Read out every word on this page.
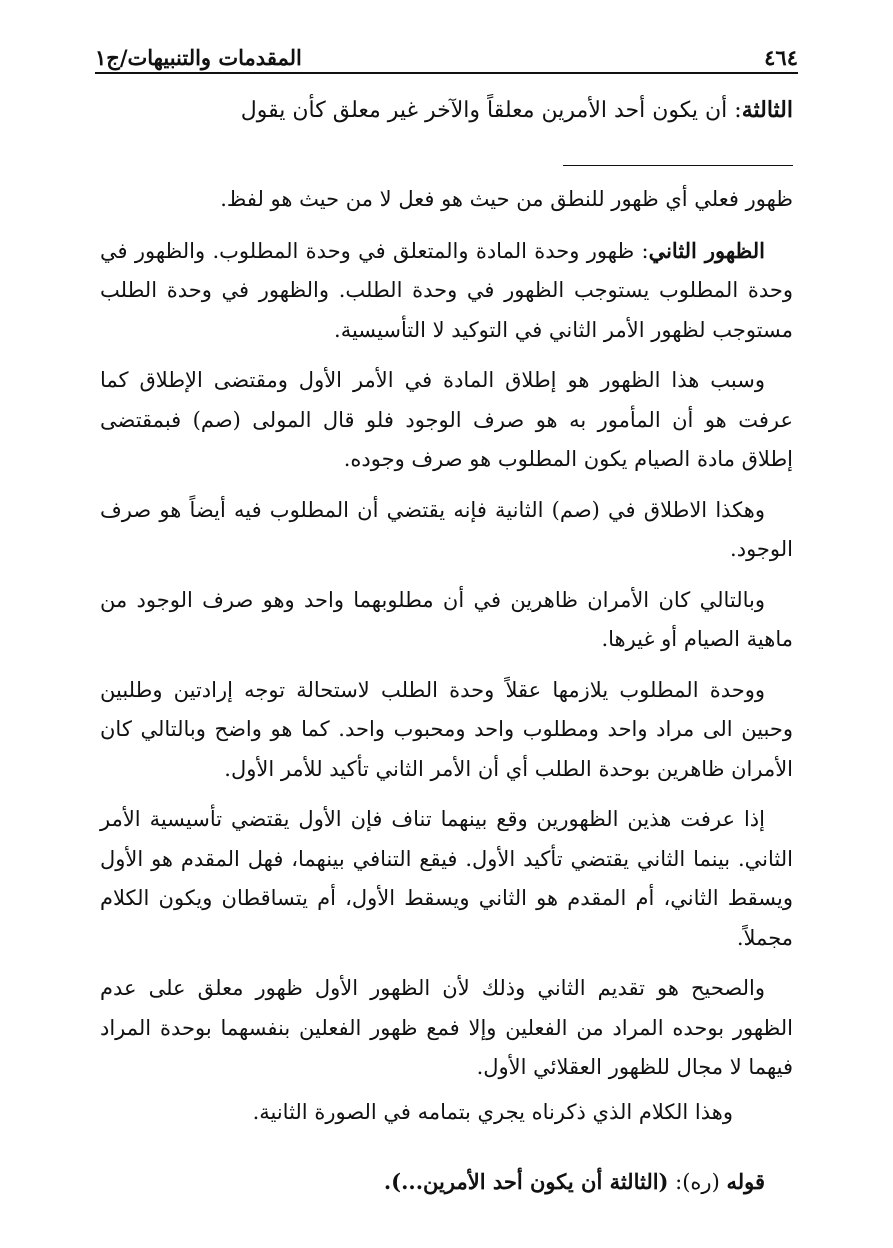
٤٦٤
المقدمات والتنبيهات/ج١
الثالثة: أن يكون أحد الأمرين معلقاً والآخر غير معلق كأن يقول

ظهور فعلي أي ظهور للنطق من حيث هو فعل لا من حيث هو لفظ.

الظهور الثاني: ظهور وحدة المادة والمتعلق في وحدة المطلوب. والظهور في وحدة المطلوب يستوجب الظهور في وحدة الطلب. والظهور في وحدة الطلب مستوجب لظهور الأمر الثاني في التوكيد لا التأسيسية.

وسبب هذا الظهور هو إطلاق المادة في الأمر الأول ومقتضى الإطلاق كما عرفت هو أن المأمور به هو صرف الوجود فلو قال المولى (صم) فبمقتضى إطلاق مادة الصيام يكون المطلوب هو صرف وجوده.

وهكذا الاطلاق في (صم) الثانية فإنه يقتضي أن المطلوب فيه أيضاً هو صرف الوجود.

وبالتالي كان الأمران ظاهرين في أن مطلوبهما واحد وهو صرف الوجود من ماهية الصيام أو غيرها.

ووحدة المطلوب يلازمها عقلاً وحدة الطلب لاستحالة توجه إرادتين وطلبين وحبين الى مراد واحد ومطلوب واحد ومحبوب واحد. كما هو واضح وبالتالي كان الأمران ظاهرين بوحدة الطلب أي أن الأمر الثاني تأكيد للأمر الأول.

إذا عرفت هذين الظهورين وقع بينهما تناف فإن الأول يقتضي تأسيسية الأمر الثاني. بينما الثاني يقتضي تأكيد الأول. فيقع التنافي بينهما، فهل المقدم هو الأول ويسقط الثاني، أم المقدم هو الثاني ويسقط الأول، أم يتساقطان ويكون الكلام مجملاً.

والصحيح هو تقديم الثاني وذلك لأن الظهور الأول ظهور معلق على عدم الظهور بوحده المراد من الفعلين وإلا فمع ظهور الفعلين بنفسهما بوحدة المراد فيهما لا مجال للظهور العقلائي الأول.

وهذا الكلام الذي ذكرناه يجري بتمامه في الصورة الثانية.

قوله (ره): (الثالثة أن يكون أحد الأمرين...).
